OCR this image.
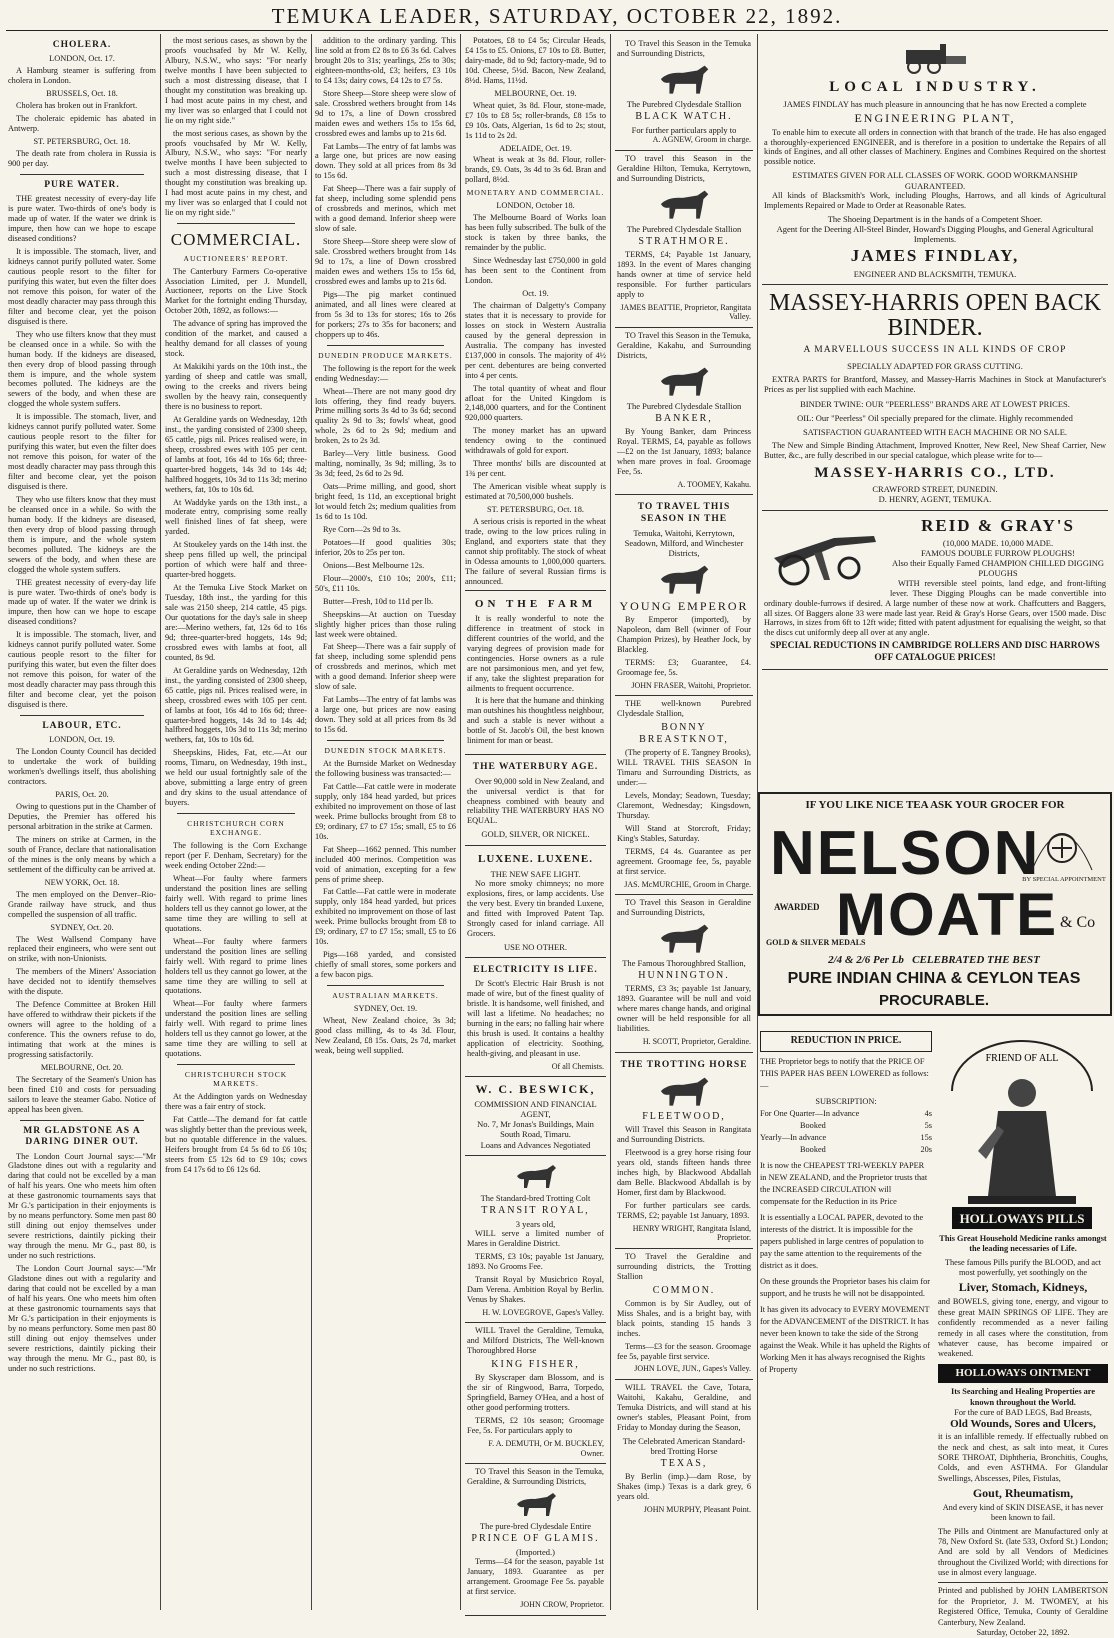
TEMUKA LEADER, SATURDAY, OCTOBER 22, 1892.
CHOLERA.
LONDON, Oct. 17.

A Hamburg steamer is suffering from cholera in London.

BRUSSELS, Oct. 18.

Cholera has broken out in Frankfort.

The choleraic epidemic has abated in Antwerp.

ST. PETERSBURG, Oct. 18.

The death rate from cholera in Russia is 900 per day.

PURE WATER.

THE greatest necessity of every-day life is pure water. Two-thirds of one's body is made up of water. If the water we drink is impure, then how can we hope to escape diseased conditions?

It is impossible. The stomach, liver, and kidneys cannot purify polluted water. Some cautious people resort to the filter for purifying this water, but even the filter does not remove this poison, for water of the most deadly character may pass through this filter and become clear, yet the poison disguised is there.

They who use filters know that they must be cleansed once in a while. So with the human body. If the kidneys are diseased, then every drop of blood passing through them is impure, and the whole system becomes polluted. The kidneys are the sewers of the body, and when these are clogged the whole system suffers.

It is impossible. The stomach, liver, and kidneys cannot purify polluted water. Some cautious people resort to the filter for purifying this water, but even the filter does not remove this poison, for water of the most deadly character may pass through this filter and become clear, yet the poison disguised is there.

They who use filters know that they must be cleansed once in a while. So with the human body. If the kidneys are diseased, then every drop of blood passing through them is impure, and the whole system becomes polluted. The kidneys are the sewers of the body, and when these are clogged the whole system suffers.

THE greatest necessity of every-day life is pure water. Two-thirds of one's body is made up of water. If the water we drink is impure, then how can we hope to escape diseased conditions?

It is impossible. The stomach, liver, and kidneys cannot purify polluted water. Some cautious people resort to the filter for purifying this water, but even the filter does not remove this poison, for water of the most deadly character may pass through this filter and become clear, yet the poison disguised is there.

LABOUR, ETC.
LONDON, Oct. 19.

The London County Council has decided to undertake the work of building workmen's dwellings itself, thus abolishing contractors.

PARIS, Oct. 20.

Owing to questions put in the Chamber of Deputies, the Premier has offered his personal arbitration in the strike at Carmen.

The miners on strike at Carmen, in the south of France, declare that nationalisation of the mines is the only means by which a settlement of the difficulty can be arrived at.

NEW YORK, Oct. 18.

The men employed on the Denver–Rio-Grande railway have struck, and thus compelled the suspension of all traffic.

SYDNEY, Oct. 20.

The West Wallsend Company have replaced their engineers, who were sent out on strike, with non-Unionists.

The members of the Miners' Association have decided not to identify themselves with the dispute.

The Defence Committee at Broken Hill have offered to withdraw their pickets if the owners will agree to the holding of a conference. This the owners refuse to do, intimating that work at the mines is progressing satisfactorily.

MELBOURNE, Oct. 20.

The Secretary of the Seamen's Union has been fined £10 and costs for persuading sailors to leave the steamer Gabo. Notice of appeal has been given.

MR GLADSTONE AS A DARING DINER OUT.

The London Court Journal says:—"Mr Gladstone dines out with a regularity and daring that could not be excelled by a man of half his years. One who meets him often at these gastronomic tournaments says that Mr G.'s participation in their enjoyments is by no means perfunctory. Some men past 80 still dining out enjoy themselves under severe restrictions, daintily picking their way through the menu. Mr G., past 80, is under no such restrictions.

The London Court Journal says:—"Mr Gladstone dines out with a regularity and daring that could not be excelled by a man of half his years. One who meets him often at these gastronomic tournaments says that Mr G.'s participation in their enjoyments is by no means perfunctory. Some men past 80 still dining out enjoy themselves under severe restrictions, daintily picking their way through the menu. Mr G., past 80, is under no such restrictions.

the most serious cases, as shown by the proofs vouchsafed by Mr W. Kelly, Albury, N.S.W., who says: "For nearly twelve months I have been subjected to such a most distressing disease, that I thought my constitution was breaking up. I had most acute pains in my chest, and my liver was so enlarged that I could not lie on my right side."

the most serious cases, as shown by the proofs vouchsafed by Mr W. Kelly, Albury, N.S.W., who says: "For nearly twelve months I have been subjected to such a most distressing disease, that I thought my constitution was breaking up. I had most acute pains in my chest, and my liver was so enlarged that I could not lie on my right side."

COMMERCIAL.
AUCTIONEERS' REPORT.

The Canterbury Farmers Co-operative Association Limited, per J. Mundell, Auctioneer, reports on the Live Stock Market for the fortnight ending Thursday, October 20th, 1892, as follows:—

The advance of spring has improved the condition of the market, and caused a healthy demand for all classes of young stock.

At Makikihi yards on the 10th inst., the yarding of sheep and cattle was small, owing to the creeks and rivers being swollen by the heavy rain, consequently there is no business to report.

At Geraldine yards on Wednesday, 12th inst., the yarding consisted of 2300 sheep, 65 cattle, pigs nil. Prices realised were, in sheep, crossbred ewes with 105 per cent. of lambs at foot, 16s 4d to 16s 6d; three-quarter-bred hoggets, 14s 3d to 14s 4d; halfbred hoggets, 10s 3d to 11s 3d; merino wethers, fat, 10s to 10s 6d.

At Waddyke yards on the 13th inst., a moderate entry, comprising some really well finished lines of fat sheep, were yarded.

At Stoukeley yards on the 14th inst. the sheep pens filled up well, the principal portion of which were half and three-quarter-bred hoggets.

At the Temuka Live Stock Market on Tuesday, 18th inst., the yarding for this sale was 2150 sheep, 214 cattle, 45 pigs. Our quotations for the day's sale in sheep are:—Merino wethers, fat, 12s 6d to 16s 9d; three-quarter-bred hoggets, 14s 9d; crossbred ewes with lambs at foot, all counted, 8s 9d.

At Geraldine yards on Wednesday, 12th inst., the yarding consisted of 2300 sheep, 65 cattle, pigs nil. Prices realised were, in sheep, crossbred ewes with 105 per cent. of lambs at foot, 16s 4d to 16s 6d; three-quarter-bred hoggets, 14s 3d to 14s 4d; halfbred hoggets, 10s 3d to 11s 3d; merino wethers, fat, 10s to 10s 6d.

Sheepskins, Hides, Fat, etc.—At our rooms, Timaru, on Wednesday, 19th inst., we held our usual fortnightly sale of the above, submitting a large entry of green and dry skins to the usual attendance of buyers.

CHRISTCHURCH CORN EXCHANGE.

The following is the Corn Exchange report (per F. Denham, Secretary) for the week ending October 22nd:—

Wheat—For faulty where farmers understand the position lines are selling fairly well. With regard to prime lines holders tell us they cannot go lower, at the same time they are willing to sell at quotations.

Wheat—For faulty where farmers understand the position lines are selling fairly well. With regard to prime lines holders tell us they cannot go lower, at the same time they are willing to sell at quotations.

Wheat—For faulty where farmers understand the position lines are selling fairly well. With regard to prime lines holders tell us they cannot go lower, at the same time they are willing to sell at quotations.

CHRISTCHURCH STOCK MARKETS.

At the Addington yards on Wednesday there was a fair entry of stock.

Fat Cattle—The demand for fat cattle was slightly better than the previous week, but no quotable difference in the values. Heifers brought from £4 5s 6d to £6 10s; steers from £5 12s 6d to £9 10s; cows from £4 17s 6d to £6 12s 6d.

addition to the ordinary yarding. This line sold at from £2 8s to £6 3s 6d. Calves brought 20s to 31s; yearlings, 25s to 30s; eighteen-months-old, £3; heifers, £3 10s to £4 13s; dairy cows, £4 12s to £7 5s.

Store Sheep—Store sheep were slow of sale. Crossbred wethers brought from 14s 9d to 17s, a line of Down crossbred maiden ewes and wethers 15s to 15s 6d, crossbred ewes and lambs up to 21s 6d.

Fat Lambs—The entry of fat lambs was a large one, but prices are now easing down. They sold at all prices from 8s 3d to 15s 6d.

Fat Sheep—There was a fair supply of fat sheep, including some splendid pens of crossbreds and merinos, which met with a good demand. Inferior sheep were slow of sale.

Store Sheep—Store sheep were slow of sale. Crossbred wethers brought from 14s 9d to 17s, a line of Down crossbred maiden ewes and wethers 15s to 15s 6d, crossbred ewes and lambs up to 21s 6d.

Pigs—The pig market continued animated, and all lines were cleared at from 5s 3d to 13s for stores; 16s to 26s for porkers; 27s to 35s for baconers; and choppers up to 46s.

DUNEDIN PRODUCE MARKETS.

The following is the report for the week ending Wednesday:—

Wheat—There are not many good dry lots offering, they find ready buyers. Prime milling sorts 3s 4d to 3s 6d; second quality 2s 9d to 3s; fowls' wheat, good whole, 2s 6d to 2s 9d; medium and broken, 2s to 2s 3d.

Barley—Very little business. Good malting, nominally, 3s 9d; milling, 3s to 3s 3d; feed, 2s 6d to 2s 9d.

Oats—Prime milling, and good, short bright feed, 1s 11d, an exceptional bright lot would fetch 2s; medium qualities from 1s 6d to 1s 10d.

Rye Corn—2s 9d to 3s.

Potatoes—If good qualities 30s; inferior, 20s to 25s per ton.

Onions—Best Melbourne 12s.

Flour—2000's, £10 10s; 200's, £11; 50's, £11 10s.

Butter—Fresh, 10d to 11d per lb.

Sheepskins—At auction on Tuesday slightly higher prices than those ruling last week were obtained.

Fat Sheep—There was a fair supply of fat sheep, including some splendid pens of crossbreds and merinos, which met with a good demand. Inferior sheep were slow of sale.

Fat Lambs—The entry of fat lambs was a large one, but prices are now easing down. They sold at all prices from 8s 3d to 15s 6d.

DUNEDIN STOCK MARKETS.

At the Burnside Market on Wednesday the following business was transacted:—

Fat Cattle—Fat cattle were in moderate supply, only 184 head yarded, but prices exhibited no improvement on those of last week. Prime bullocks brought from £8 to £9; ordinary, £7 to £7 15s; small, £5 to £6 10s.

Fat Sheep—1662 penned. This number included 400 merinos. Competition was void of animation, excepting for a few pens of prime sheep.

Fat Cattle—Fat cattle were in moderate supply, only 184 head yarded, but prices exhibited no improvement on those of last week. Prime bullocks brought from £8 to £9; ordinary, £7 to £7 15s; small, £5 to £6 10s.

Pigs—168 yarded, and consisted chiefly of small stores, some porkers and a few bacon pigs.

AUSTRALIAN MARKETS.
SYDNEY, Oct. 19.

Wheat, New Zealand choice, 3s 3d; good class milling, 4s to 4s 3d. Flour, New Zealand, £8 15s. Oats, 2s 7d, market weak, being well supplied.

Potatoes, £8 to £4 5s; Circular Heads, £4 15s to £5. Onions, £7 10s to £8. Butter, dairy-made, 8d to 9d; factory-made, 9d to 10d. Cheese, 5½d. Bacon, New Zealand, 8½d. Hams, 11½d.

MELBOURNE, Oct. 19.

Wheat quiet, 3s 8d. Flour, stone-made, £7 10s to £8 5s; roller-brands, £8 15s to £9 10s. Oats, Algerian, 1s 6d to 2s; stout, 1s 11d to 2s 2d.

ADELAIDE, Oct. 19.

Wheat is weak at 3s 8d. Flour, roller-brands, £9. Oats, 3s 4d to 3s 6d. Bran and pollard, 8½d.

MONETARY AND COMMERCIAL.
LONDON, October 18.

The Melbourne Board of Works loan has been fully subscribed. The bulk of the stock is taken by three banks, the remainder by the public.

Since Wednesday last £750,000 in gold has been sent to the Continent from London.

Oct. 19.

The chairman of Dalgetty's Company states that it is necessary to provide for losses on stock in Western Australia caused by the general depression in Australia. The company has invested £137,000 in consols. The majority of 4½ per cent. debentures are being converted into 4 per cents.

The total quantity of wheat and flour afloat for the United Kingdom is 2,148,000 quarters, and for the Continent 920,000 quarters.

The money market has an upward tendency owing to the continued withdrawals of gold for export.

Three months' bills are discounted at 1¾ per cent.

The American visible wheat supply is estimated at 70,500,000 bushels.

ST. PETERSBURG, Oct. 18.

A serious crisis is reported in the wheat trade, owing to the low prices ruling in England, and exporters state that they cannot ship profitably. The stock of wheat in Odessa amounts to 1,000,000 quarters. The failure of several Russian firms is announced.

ON THE FARM

It is really wonderful to note the difference in treatment of stock in different countries of the world, and the varying degrees of provision made for contingencies. Horse owners as a rule are not parsimonious men, and yet few, if any, take the slightest preparation for ailments to frequent occurrence.

It is here that the humane and thinking man outshines his thoughtless neighbour, and such a stable is never without a bottle of St. Jacob's Oil, the best known liniment for man or beast.

THE WATERBURY AGE.

Over 90,000 sold in New Zealand, and the universal verdict is that for cheapness combined with beauty and reliability THE WATERBURY HAS NO EQUAL.

GOLD, SILVER, OR NICKEL.
LUXENE. LUXENE.
THE NEW SAFE LIGHT.

No more smoky chimneys; no more explosions, fires, or lamp accidents. Use the very best. Every tin branded Luxene, and fitted with Improved Patent Tap. Strongly cased for inland carriage. All Grocers.

USE NO OTHER.
ELECTRICITY IS LIFE.

Dr Scott's Electric Hair Brush is not made of wire, but of the finest quality of bristle. It is handsome, well finished, and will last a lifetime. No headaches; no burning in the ears; no falling hair where this brush is used. It contains a healthy application of electricity. Soothing, health-giving, and pleasant in use.

Of all Chemists.
W. C. BESWICK,
COMMISSION AND FINANCIAL AGENT,
No. 7, Mr Jonas's Buildings, Main South Road, Timaru.
Loans and Advances Negotiated
The Standard-bred Trotting Colt
TRANSIT ROYAL,
3 years old,

WILL serve a limited number of Mares in Geraldine District.

TERMS, £3 10s; payable 1st January, 1893. No Grooms Fee.

Transit Royal by Musicbrico Royal, Dam Verena. Ambition Royal by Berlin. Venus by Shakes.

H. W. LOVEGROVE, Gapes's Valley.

WILL Travel the Geraldine, Temuka, and Milford Districts, The Well-known Thoroughbred Horse

KING FISHER,

By Skyscraper dam Blossom, and is the sir of Ringwood, Barra, Torpedo, Springfield, Barney O'Hea, and a host of other good performing trotters.

TERMS, £2 10s season; Groomage Fee, 5s. For particulars apply to

F. A. DEMUTH, Or M. BUCKLEY, Owner.

TO Travel this Season in the Temuka, Geraldine, & Surrounding Districts,

The pure-bred Clydesdale Entire
PRINCE OF GLAMIS.
(Imported.)

Terms—£4 for the season, payable 1st January, 1893. Guarantee as per arrangement. Groomage Fee 5s. payable at first service.

JOHN CROW, Proprietor.

TO Travel this Season in the Temuka and Surrounding Districts,

The Purebred Clydesdale Stallion
BLACK WATCH.
For further particulars apply to
A. AGNEW, Groom in charge.

TO travel this Season in the Geraldine Hilton, Temuka, Kerrytown, and Surrounding Districts,

The Purebred Clydesdale Stallion
STRATHMORE.

TERMS, £4; Payable 1st January, 1893. In the event of Mares changing hands owner at time of service held responsible. For further particulars apply to

JAMES BEATTIE, Proprietor, Rangitata Valley.

TO Travel this Season in the Temuka, Geraldine, Kakahu, and Surrounding Districts,

The Purebred Clydesdale Stallion
BANKER,

By Young Banker, dam Princess Royal. TERMS, £4, payable as follows—£2 on the 1st January, 1893; balance when mare proves in foal. Groomage Fee, 5s.

A. TOOMEY, Kakahu.
TO TRAVEL THIS SEASON IN THE
Temuka, Waitohi, Kerrytown, Seadown, Milford, and Winchester Districts,
YOUNG EMPEROR

By Emperor (imported), by Napoleon, dam Bell (winner of Four Champion Prizes), by Heather Jock, by Blackleg.

TERMS: £3; Guarantee, £4. Groomage fee, 5s.

JOHN FRASER, Waitohi, Proprietor.

THE well-known Purebred Clydesdale Stallion,

BONNY BREASTKNOT,

(The property of E. Tangney Brooks), WILL TRAVEL THIS SEASON In Timaru and Surrounding Districts, as under:—

Levels, Monday; Seadown, Tuesday; Claremont, Wednesday; Kingsdown, Thursday.

Will Stand at Storcroft, Friday; King's Stables, Saturday.

TERMS, £4 4s. Guarantee as per agreement. Groomage fee, 5s, payable at first service.

JAS. McMURCHIE, Groom in Charge.

TO Travel this Season in Geraldine and Surrounding Districts,

The Famous Thoroughbred Stallion,
HUNNINGTON.

TERMS, £3 3s; payable 1st January, 1893. Guarantee will be null and void where mares change hands, and original owner will be held responsible for all liabilities.

H. SCOTT, Proprietor, Geraldine.
THE TROTTING HORSE
FLEETWOOD,

Will Travel this Season in Rangitata and Surrounding Districts.

Fleetwood is a grey horse rising four years old, stands fifteen hands three inches high, by Blackwood Abdallah dam Belle. Blackwood Abdallah is by Homer, first dam by Blackwood.

For further particulars see cards. TERMS, £2; payable 1st January, 1893.

HENRY WRIGHT, Rangitata Island, Proprietor.

TO Travel the Geraldine and surrounding districts, the Trotting Stallion

COMMON.

Common is by Sir Audley, out of Miss Shales, and is a bright bay, with black points, standing 15 hands 3 inches.

Terms—£3 for the season. Groomage fee 5s, payable first service.

JOHN LOVE, JUN., Gapes's Valley.

WILL TRAVEL the Cave, Totara, Waitohi, Kakahu, Geraldine, and Temuka Districts, and will stand at his owner's stables, Pleasant Point, from Friday to Monday during the Season,

The Celebrated American Standard-bred Trotting Horse
TEXAS,

By Berlin (imp.)—dam Rose, by Shakes (imp.) Texas is a dark grey, 6 years old.

JOHN MURPHY, Pleasant Point.
LOCAL INDUSTRY.
JAMES FINDLAY has much pleasure in announcing that he has now Erected a complete
ENGINEERING PLANT,

To enable him to execute all orders in connection with that branch of the trade. He has also engaged a thoroughly-experienced ENGINEER, and is therefore in a position to undertake the Repairs of all kinds of Engines, and all other classes of Machinery. Engines and Combines Required on the shortest possible notice.

ESTIMATES GIVEN FOR ALL CLASSES OF WORK. GOOD WORKMANSHIP GUARANTEED.

All kinds of Blacksmith's Work, including Ploughs, Harrows, and all kinds of Agricultural Implements Repaired or Made to Order at Reasonable Rates.

The Shoeing Department is in the hands of a Competent Shoer.
Agent for the Deering All-Steel Binder, Howard's Digging Ploughs, and General Agricultural Implements.
JAMES FINDLAY,
ENGINEER AND BLACKSMITH, TEMUKA.
MASSEY-HARRIS OPEN BACK BINDER.
A MARVELLOUS SUCCESS IN ALL KINDS OF CROP
SPECIALLY ADAPTED FOR GRASS CUTTING.

EXTRA PARTS for Brantford, Massey, and Massey-Harris Machines in Stock at Manufacturer's Prices as per list supplied with each Machine.

BINDER TWINE: OUR "PEERLESS" BRANDS ARE AT LOWEST PRICES.
OIL: Our "Peerless" Oil specially prepared for the climate. Highly recommended
SATISFACTION GUARANTEED WITH EACH MACHINE OR NO SALE.

The New and Simple Binding Attachment, Improved Knotter, New Reel, New Sheaf Carrier, New Butter, &c., are fully described in our special catalogue, which please write for to—

MASSEY-HARRIS CO., LTD.
CRAWFORD STREET, DUNEDIN.
D. HENRY, AGENT, TEMUKA.
REID & GRAY'S
(10,000 MADE. 10,000 MADE.
FAMOUS DOUBLE FURROW PLOUGHS!
Also their Equally Famed CHAMPION CHILLED DIGGING PLOUGHS

WITH reversible steel points, land edge, and front-lifting lever. These Digging Ploughs can be made convertible into ordinary double-furrows if desired. A large number of these now at work. Chaffcutters and Baggers, all sizes. Of Baggers alone 33 were made last year. Reid & Gray's Horse Gears, over 1500 made. Disc Harrows, in sizes from 6ft to 12ft wide; fitted with patent adjustment for equalising the weight, so that the discs cut uniformly deep all over at any angle.

SPECIAL REDUCTIONS IN CAMBRIDGE ROLLERS AND DISC HARROWS OFF CATALOGUE PRICES!
IF YOU LIKE NICE TEA ASK YOUR GROCER FOR
NELSON
MOATE & Co
AWARDED
GOLD & SILVER MEDALS
BY SPECIAL APPOINTMENT
2/4 & 2/6 Per Lb CELEBRATED THE BEST
PURE INDIAN CHINA & CEYLON TEAS
PROCURABLE.
REDUCTION IN PRICE.

THE Proprietor begs to notify that the PRICE OF THIS PAPER HAS BEEN LOWERED as follows:—

SUBSCRIPTION:
For One Quarter—In advance	4s
Booked	5s
Yearly—In advance	15s
Booked	20s

It is now the CHEAPEST TRI-WEEKLY PAPER in NEW ZEALAND, and the Proprietor trusts that the INCREASED CIRCULATION will compensate for the Reduction in its Price

It is essentially a LOCAL PAPER, devoted to the interests of the district. It is impossible for the papers published in large centres of population to pay the same attention to the requirements of the district as it does.

On these grounds the Proprietor bases his claim for support, and he trusts he will not be disappointed.

It has given its advocacy to EVERY MOVEMENT for the ADVANCEMENT of the DISTRICT. It has never been known to take the side of the Strong against the Weak. While it has upheld the Rights of Working Men it has always recognised the Rights of Property

FRIEND OF ALL
HOLLOWAYS PILLS
This Great Household Medicine ranks amongst the leading necessaries of Life.
These famous Pills purify the BLOOD, and act most powerfully, yet soothingly on the
Liver, Stomach, Kidneys,
and BOWELS, giving tone, energy, and vigour to these great MAIN SPRINGS OF LIFE. They are confidently recommended as a never failing remedy in all cases where the constitution, from whatever cause, has become impaired or weakened.
HOLLOWAYS OINTMENT
Its Searching and Healing Properties are known throughout the World.
For the cure of BAD LEGS, Bad Breasts,
Old Wounds, Sores and Ulcers,
it is an infallible remedy. If effectually rubbed on the neck and chest, as salt into meat, it Cures SORE THROAT, Diphtheria, Bronchitis, Coughs, Colds, and even ASTHMA. For Glandular Swellings, Abscesses, Piles, Fistulas,
Gout, Rheumatism,
And every kind of SKIN DISEASE, it has never been known to fail.
The Pills and Ointment are Manufactured only at 78, New Oxford St. (late 533, Oxford St.) London; And are sold by all Vendors of Medicines throughout the Civilized World; with directions for use in almost every language.
Printed and published by JOHN LAMBERTSON for the Proprietor, J. M. TWOMEY, at his Registered Office, Temuka, County of Geraldine Canterbury, New Zealand.
Saturday, October 22, 1892.
